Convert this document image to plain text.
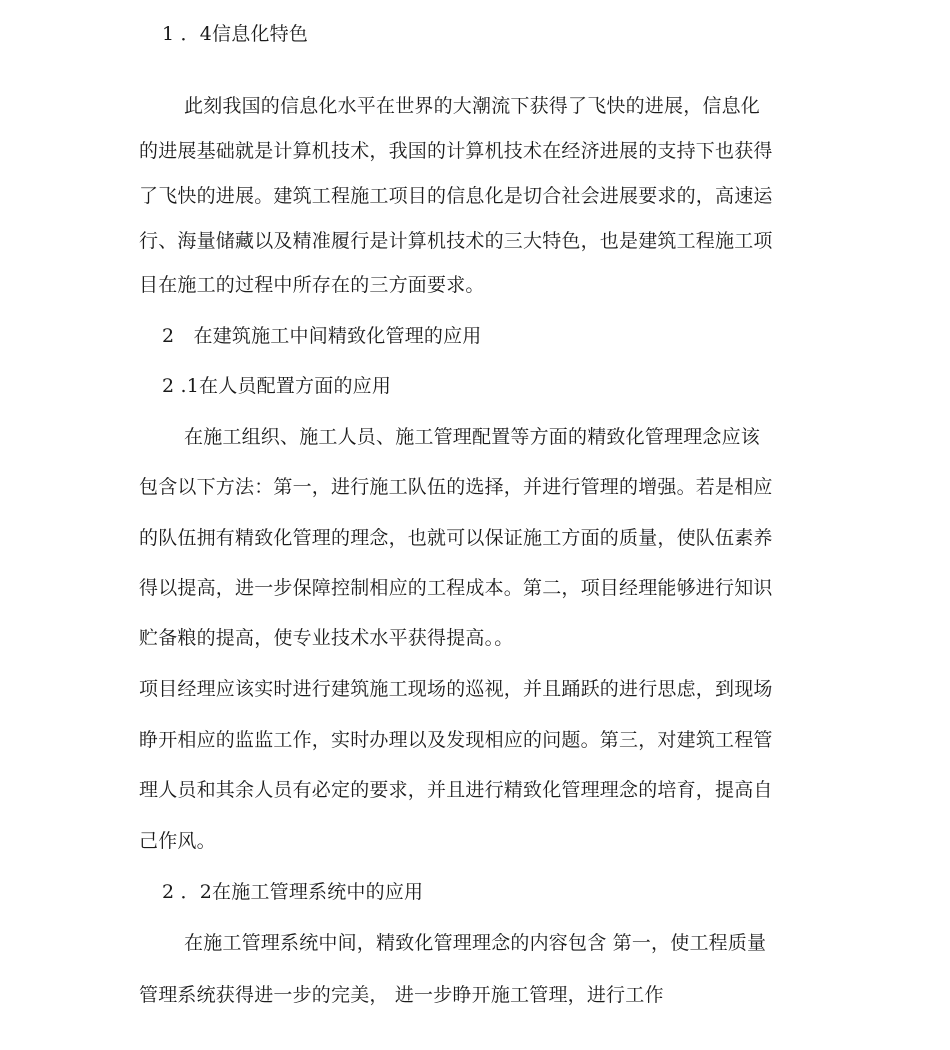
1 ．4信息化特色
此刻我国的信息化水平在世界的大潮流下获得了飞快的进展，信息化
的进展基础就是计算机技术，我国的计算机技术在经济进展的支持下也获得
了飞快的进展。建筑工程施工项目的信息化是切合社会进展要求的，高速运
行、海量储藏以及精准履行是计算机技术的三大特色，也是建筑工程施工项
目在施工的过程中所存在的三方面要求。
2　在建筑施工中间精致化管理的应用
2 .1在人员配置方面的应用
在施工组织、施工人员、施工管理配置等方面的精致化管理理念应该
包含以下方法：第一，进行施工队伍的选择，并进行管理的增强。若是相应
的队伍拥有精致化管理的理念，也就可以保证施工方面的质量，使队伍素养
得以提高，进一步保障控制相应的工程成本。第二，项目经理能够进行知识
贮备粮的提高，使专业技术水平获得提高。。
项目经理应该实时进行建筑施工现场的巡视，并且踊跃的进行思虑，到现场
睁开相应的监监工作，实时办理以及发现相应的问题。第三，对建筑工程管
理人员和其余人员有必定的要求，并且进行精致化管理理念的培育，提高自
己作风。
2 ．2在施工管理系统中的应用
在施工管理系统中间，精致化管理理念的内容包含 第一，使工程质量
管理系统获得进一步的完美， 进一步睁开施工管理，进行工作
